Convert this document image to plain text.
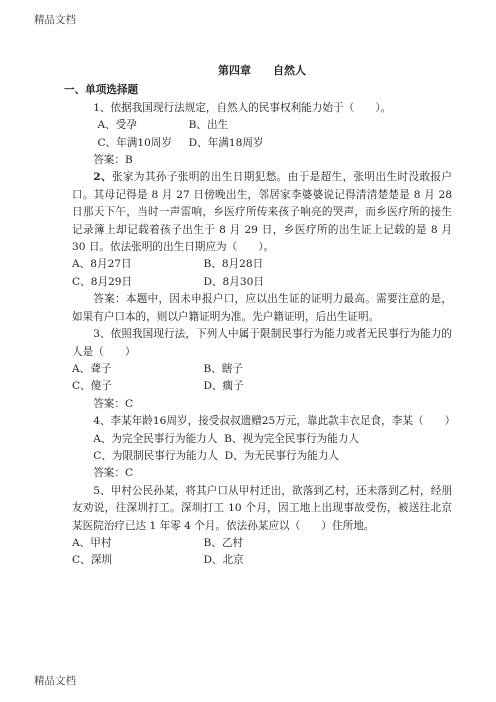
精品文档
第四章 自然人
一、单项选择题
1、依据我国现行法规定，自然人的民事权利能力始于（　　）。
A、受孕	B、出生
C、年满10周岁	D、年满18周岁
答案：B
2、张家为其孙子张明的出生日期犯愁。由于是超生，张明出生时没敢报户口。其母记得是 8 月 27 日傍晚出生，邻居家李婆婆说记得清清楚楚是 8 月 28 日那天下午，当时一声雷响，乡医疗所传来孩子响亮的哭声，而乡医疗所的接生记录簿上却记载着孩子出生于 8 月 29 日，乡医疗所的出生证上记载的是 8 月 30 日。依法张明的出生日期应为（　　）。
A、8月27日	B、8月28日
C、8月29日	D、8月30日
答案：本题中，因未申报户口，应以出生证的证明力最高。需要注意的是，如果有户口本的，则以户籍证明为准。先户籍证明，后出生证明。
3、依照我国现行法，下列人中属于限制民事行为能力或者无民事行为能力的人是（　　）
A、聋子	B、瞎子
C、傻子	D、瘸子
答案：C
4、李某年龄16周岁，接受叔叔遗赠25万元，靠此款丰衣足食，李某（　　）
A、为完全民事行为能力人 B、视为完全民事行为能力人
C、为限制民事行为能力人 D、为无民事行为能力人
答案：C
5、甲村公民孙某，将其户口从甲村迁出，欲落到乙村，还未落到乙村，经朋友劝说，往深圳打工。深圳打工 10 个月，因工地上出现事故受伤，被送往北京某医院治疗已达 1 年零 4 个月。依法孙某应以（　　）住所地。
A、甲村	B、乙村
C、深圳	D、北京
精品文档
